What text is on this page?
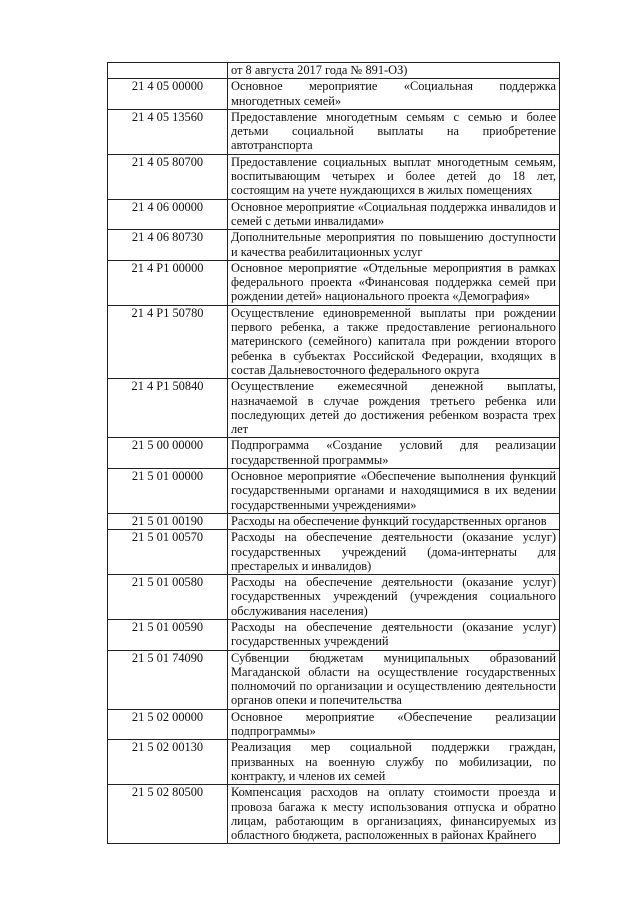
	от 8 августа 2017 года № 891-ОЗ)
21 4 05 00000	Основное мероприятие «Социальная поддержка многодетных семей»
21 4 05 13560	Предоставление многодетным семьям с семью и более детьми социальной выплаты на приобретение автотранспорта
21 4 05 80700	Предоставление социальных выплат многодетным семьям, воспитывающим четырех и более детей до 18 лет, состоящим на учете нуждающихся в жилых помещениях
21 4 06 00000	Основное мероприятие «Социальная поддержка инвалидов и семей с детьми инвалидами»
21 4 06 80730	Дополнительные мероприятия по повышению доступности и качества реабилитационных услуг
21 4 P1 00000	Основное мероприятие «Отдельные мероприятия в рамках федерального проекта «Финансовая поддержка семей при рождении детей» национального проекта «Демография»
21 4 P1 50780	Осуществление единовременной выплаты при рождении первого ребенка, а также предоставление регионального материнского (семейного) капитала при рождении второго ребенка в субъектах Российской Федерации, входящих в состав Дальневосточного федерального округа
21 4 P1 50840	Осуществление ежемесячной денежной выплаты, назначаемой в случае рождения третьего ребенка или последующих детей до достижения ребенком возраста трех лет
21 5 00 00000	Подпрограмма «Создание условий для реализации государственной программы»
21 5 01 00000	Основное мероприятие «Обеспечение выполнения функций государственными органами и находящимися в их ведении государственными учреждениями»
21 5 01 00190	Расходы на обеспечение функций государственных органов
21 5 01 00570	Расходы на обеспечение деятельности (оказание услуг) государственных учреждений (дома-интернаты для престарелых и инвалидов)
21 5 01 00580	Расходы на обеспечение деятельности (оказание услуг) государственных учреждений (учреждения социального обслуживания населения)
21 5 01 00590	Расходы на обеспечение деятельности (оказание услуг) государственных учреждений
21 5 01 74090	Субвенции бюджетам муниципальных образований Магаданской области на осуществление государственных полномочий по организации и осуществлению деятельности органов опеки и попечительства
21 5 02 00000	Основное мероприятие «Обеспечение реализации подпрограммы»
21 5 02 00130	Реализация мер социальной поддержки граждан, призванных на военную службу по мобилизации, по контракту, и членов их семей
21 5 02 80500	Компенсация расходов на оплату стоимости проезда и провоза багажа к месту использования отпуска и обратно лицам, работающим в организациях, финансируемых из областного бюджета, расположенных в районах Крайнего
